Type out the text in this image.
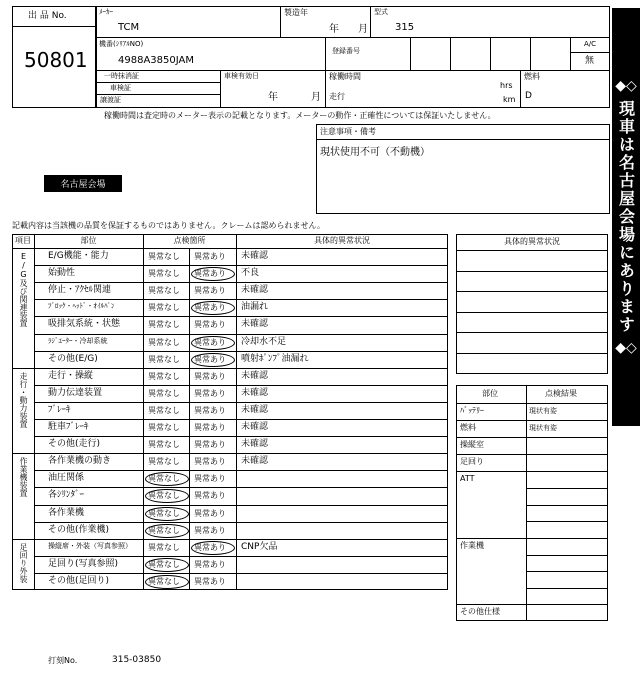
出 品 No.
50801
ﾒｰｶｰ
TCM
製造年
年 月
型式
315
機番(ｼﾘｱﾙNO)
4988A3850JAM
登録番号
A/C
無
一時抹消証
車検証
譲渡証
車検有効日
年	月
稼働時間
hrs
走行	km
燃料
D
稼働時間は査定時のメーター表示の記載となります。メーターの動作・正確性については保証いたしません。
注意事項・備考
現状使用不可（不動機）
名古屋会場
◆◇
現車は名古屋会場にあります
◆◇
記載内容は当該機の品質を保証するものではありません。クレームは認められません。
具体的異常状況
部位	点検結果
打刻No.	315-03850
項目	部位	点検箇所	具体的異常状況
E/G及び関連装置	E/G機能・能力	異常なし 異常あり 未確認
始動性	異常なし 異常あり 不良
停止・ｱｸｾﾙ関連	異常なし 異常あり 未確認
ﾌﾞﾛｯｸ・ﾍｯﾄﾞ・ｵｲﾙﾊﾟﾝ	異常なし 異常あり 油漏れ
吸排気系統・状態	異常なし 異常あり 未確認
ﾗｼﾞｴｰﾀｰ・冷却系統	異常なし 異常あり 冷却水不足
その他(E/G)	異常なし 異常あり 噴射ﾎﾟﾝﾌﾟ油漏れ
走行・動力装置	走行・操縦	異常なし 異常あり 未確認
動力伝達装置	異常なし 異常あり 未確認
ﾌﾞﾚｰｷ	異常なし 異常あり 未確認
駐車ﾌﾞﾚｰｷ	異常なし 異常あり 未確認
その他(走行)	異常なし 異常あり 未確認
作業機装置	各作業機の動き	異常なし 異常あり 未確認
油圧関係	異常なし 異常あり
各ｼﾘﾝﾀﾞｰ	異常なし 異常あり
各作業機	異常なし 異常あり
その他(作業機)	異常なし 異常あり
足回り外装	操縦席・外装（写真参照） 異常なし 異常あり CNP欠品
足回り(写真参照)	異常なし 異常あり
その他(足回り)	異常なし 異常あり
ﾊﾞｯﾃﾘｰ	現状有姿
燃料	現状有姿
操縦室
足回り
ATT
作業機
その他仕様
